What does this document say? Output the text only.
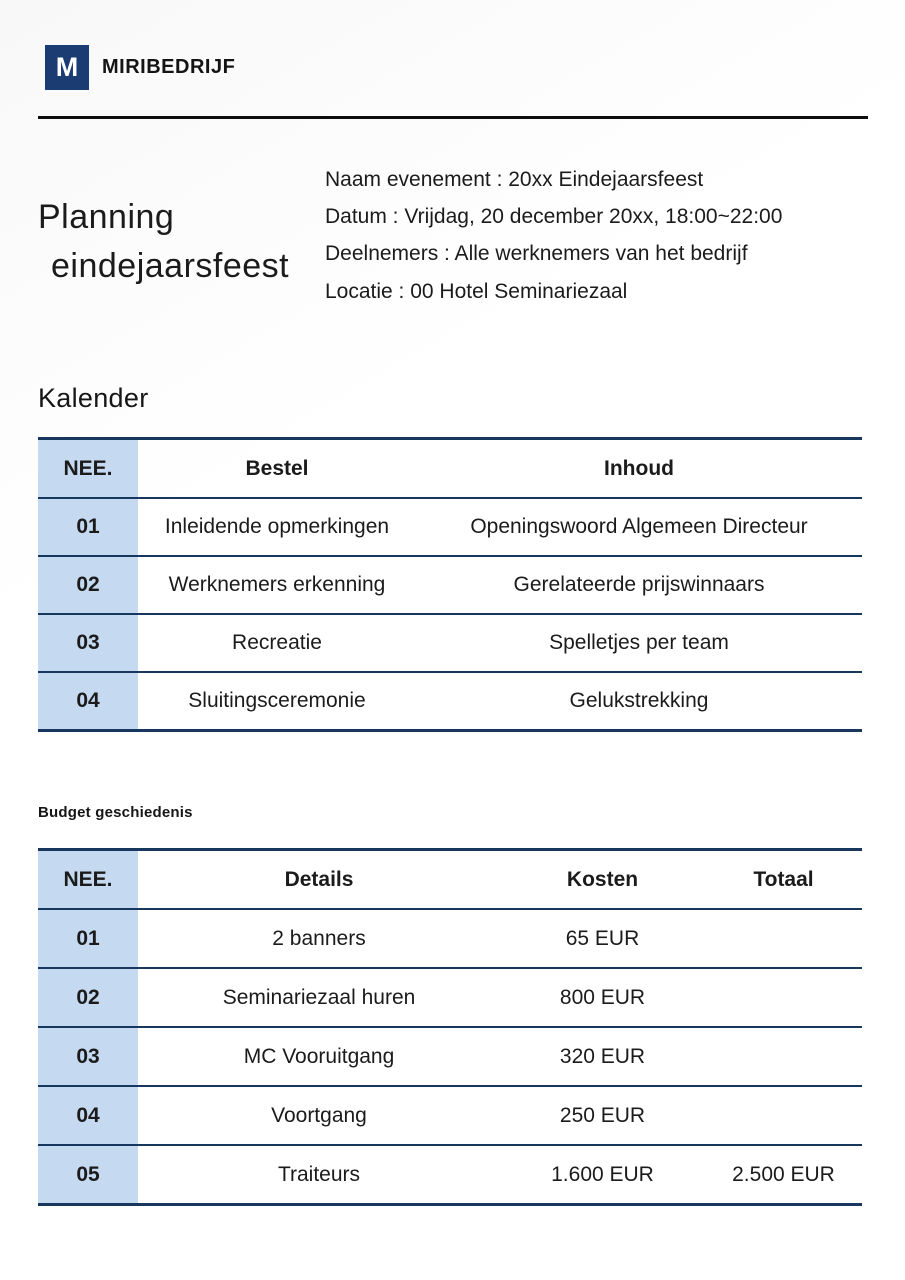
M MIRIBEDRIJF
Planning
eindejaarsfeest
Naam evenement : 20xx Eindejaarsfeest
Datum : Vrijdag, 20 december 20xx, 18:00~22:00
Deelnemers : Alle werknemers van het bedrijf
Locatie : 00 Hotel Seminariezaal
Kalender
NEE.	Bestel	Inhoud
01	Inleidende opmerkingen	Openingswoord Algemeen Directeur
02	Werknemers erkenning	Gerelateerde prijswinnaars
03	Recreatie	Spelletjes per team
04	Sluitingsceremonie	Gelukstrekking
Budget geschiedenis
NEE.	Details	Kosten	Totaal
01	2 banners	65 EUR	
02	Seminariezaal huren	800 EUR	
03	MC Vooruitgang	320 EUR	
04	Voortgang	250 EUR	
05	Traiteurs	1.600 EUR	2.500 EUR
